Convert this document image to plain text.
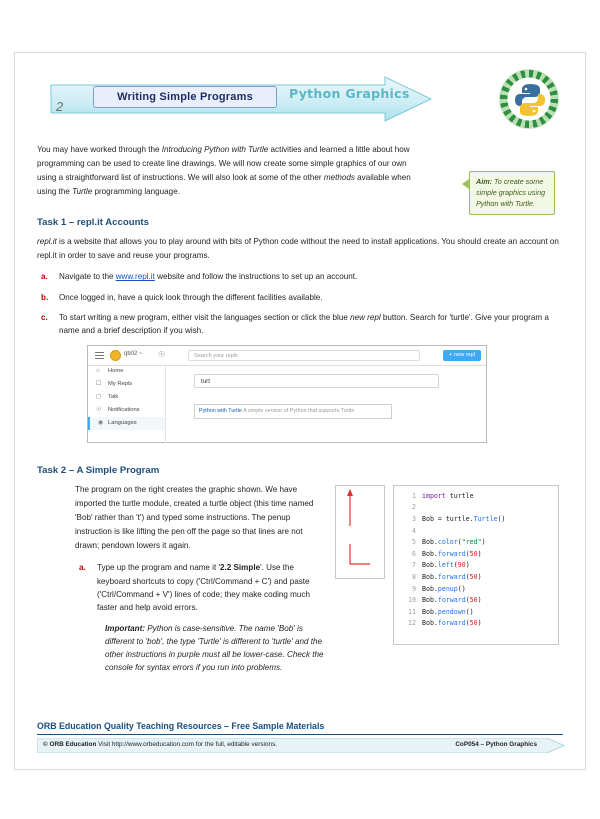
2
Writing Simple Programs	Python Graphics
You may have worked through the Introducing Python with Turtle activities and learned a little about how programming can be used to create line drawings. We will now create some simple graphics of our own using a straightforward list of instructions. We will also look at some of the other methods available when using the Turtle programming language.
Aim: To create some simple graphics using Python with Turtle.
Task 1 – repl.it Accounts

repl.it is a website that allows you to play around with bits of Python code without the need to install applications. You should create an account on repl.it in order to save and reuse your programs.

a. Navigate to the www.repl.it website and follow the instructions to set up an account.
b. Once logged in, have a quick look through the different facilities available.
c. To start writing a new program, either visit the languages section or click the blue new repl button. Search for 'turtle'. Give your program a name and a brief description if you wish.
qb02 ~ ☉	Search your repls	+ new repl
⌂	Home
☐ My Repls
◻	Talk
☉ Notifications
◉ Languages
turt
Python with Turtle A simple version of Python that supports Turtle
Task 2 – A Simple Program

The program on the right creates the graphic shown. We have imported the turtle module, created a turtle object (this time named 'Bob' rather than 't') and typed some instructions. The penup instruction is like lifting the pen off the page so that lines are not drawn; pendown lowers it again.

a. Type up the program and name it '2.2 Simple'. Use the keyboard shortcuts to copy ('Ctrl/Command + C') and paste ('Ctrl/Command + V') lines of code; they make coding much faster and help avoid errors.
Important: Python is case-sensitive. The name 'Bob' is different to 'bob', the type 'Turtle' is different to 'turtle' and the other instructions in purple must all be lower-case. Check the console for syntax errors if you run into problems.
1 import turtle
2
3 Bob = turtle.Turtle()
4
5 Bob.color("red")
6 Bob.forward(50)
7 Bob.left(90)
8 Bob.forward(50)
9 Bob.penup()
10 Bob.forward(50)
11 Bob.pendown()
12 Bob.forward(50)
ORB Education Quality Teaching Resources – Free Sample Materials
© ORB Education Visit http://www.orbeducation.com for the full, editable versions.	CoP054 – Python Graphics
